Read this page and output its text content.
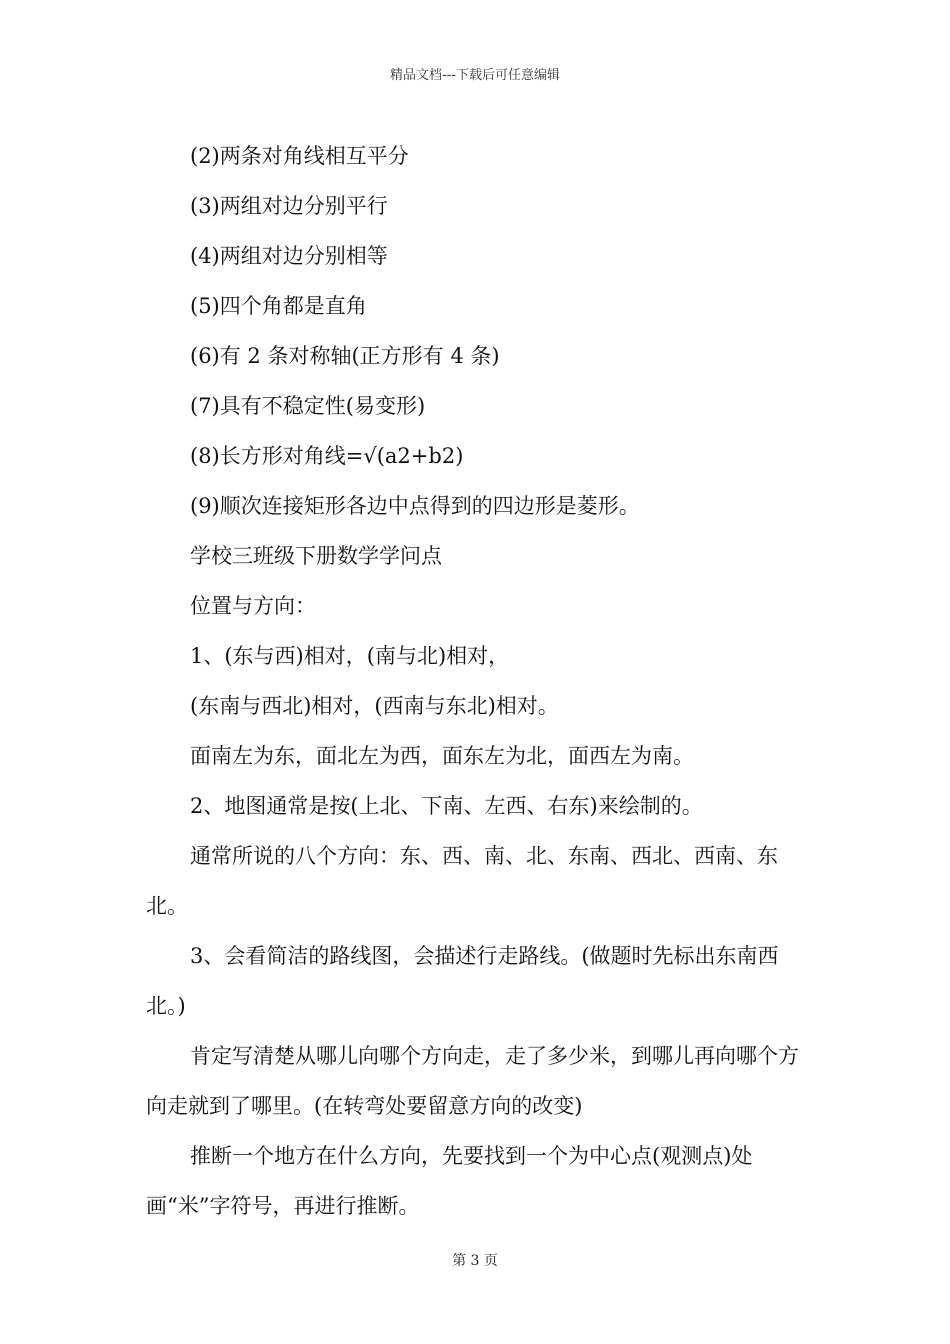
精品文档---下载后可任意编辑

(2)两条对角线相互平分

(3)两组对边分别平行

(4)两组对边分别相等

(5)四个角都是直角

(6)有 2 条对称轴(正方形有 4 条)

(7)具有不稳定性(易变形)

(8)长方形对角线=√(a2+b2)

(9)顺次连接矩形各边中点得到的四边形是菱形。

学校三班级下册数学学问点

位置与方向：

1、(东与西)相对，(南与北)相对，

(东南与西北)相对，(西南与东北)相对。

面南左为东，面北左为西，面东左为北，面西左为南。

2、地图通常是按(上北、下南、左西、右东)来绘制的。

通常所说的八个方向：东、西、南、北、东南、西北、西南、东北。

3、会看简洁的路线图，会描述行走路线。(做题时先标出东南西北。)

肯定写清楚从哪儿向哪个方向走，走了多少米，到哪儿再向哪个方向走就到了哪里。(在转弯处要留意方向的改变)

推断一个地方在什么方向，先要找到一个为中心点(观测点)处画“米”字符号，再进行推断。

第 3 页
